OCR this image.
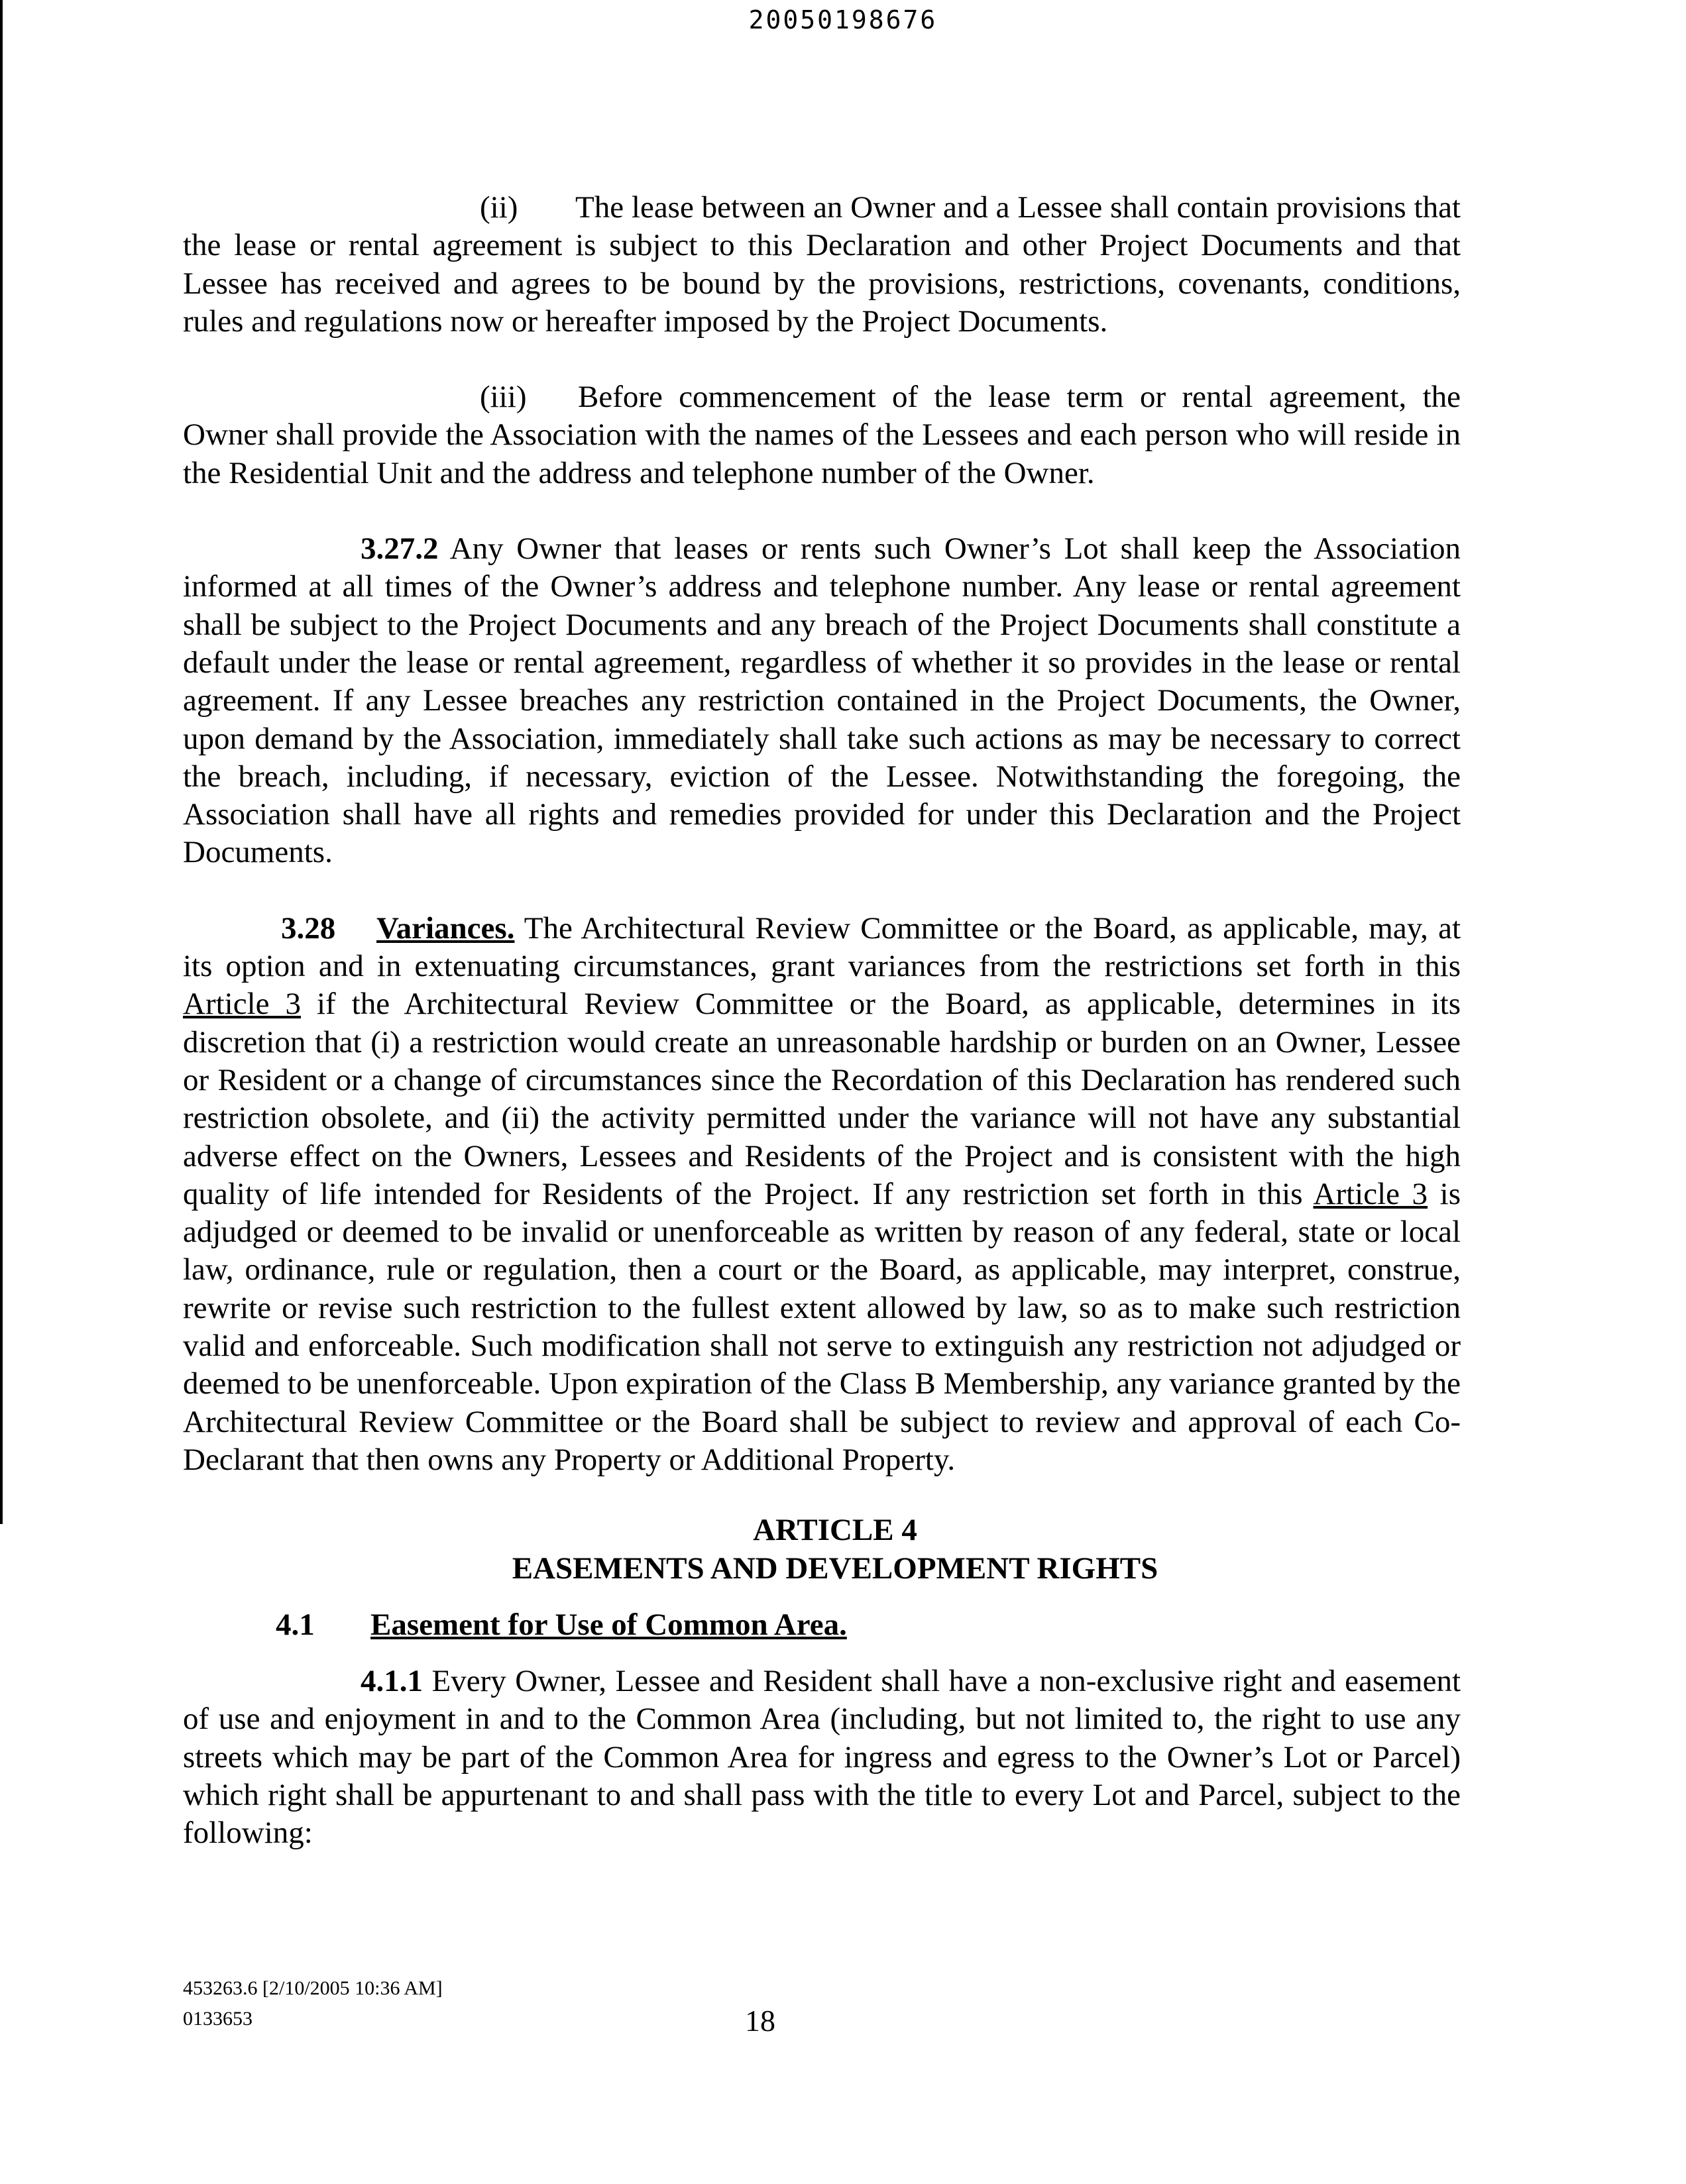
20050198676

(ii) The lease between an Owner and a Lessee shall contain provisions that the lease or rental agreement is subject to this Declaration and other Project Documents and that Lessee has received and agrees to be bound by the provisions, restrictions, covenants, conditions, rules and regulations now or hereafter imposed by the Project Documents.

(iii) Before commencement of the lease term or rental agreement, the Owner shall provide the Association with the names of the Lessees and each person who will reside in the Residential Unit and the address and telephone number of the Owner.

3.27.2 Any Owner that leases or rents such Owner’s Lot shall keep the Association informed at all times of the Owner’s address and telephone number. Any lease or rental agreement shall be subject to the Project Documents and any breach of the Project Documents shall constitute a default under the lease or rental agreement, regardless of whether it so provides in the lease or rental agreement. If any Lessee breaches any restriction contained in the Project Documents, the Owner, upon demand by the Association, immediately shall take such actions as may be necessary to correct the breach, including, if necessary, eviction of the Lessee. Notwithstanding the foregoing, the Association shall have all rights and remedies provided for under this Declaration and the Project Documents.

3.28 Variances. The Architectural Review Committee or the Board, as applicable, may, at its option and in extenuating circumstances, grant variances from the restrictions set forth in this Article 3 if the Architectural Review Committee or the Board, as applicable, determines in its discretion that (i) a restriction would create an unreasonable hardship or burden on an Owner, Lessee or Resident or a change of circumstances since the Recordation of this Declaration has rendered such restriction obsolete, and (ii) the activity permitted under the variance will not have any substantial adverse effect on the Owners, Lessees and Residents of the Project and is consistent with the high quality of life intended for Residents of the Project. If any restriction set forth in this Article 3 is adjudged or deemed to be invalid or unenforceable as written by reason of any federal, state or local law, ordinance, rule or regulation, then a court or the Board, as applicable, may interpret, construe, rewrite or revise such restriction to the fullest extent allowed by law, so as to make such restriction valid and enforceable. Such modification shall not serve to extinguish any restriction not adjudged or deemed to be unenforceable. Upon expiration of the Class B Membership, any variance granted by the Architectural Review Committee or the Board shall be subject to review and approval of each Co-Declarant that then owns any Property or Additional Property.

ARTICLE 4

EASEMENTS AND DEVELOPMENT RIGHTS

4.1 Easement for Use of Common Area.

4.1.1 Every Owner, Lessee and Resident shall have a non-exclusive right and easement of use and enjoyment in and to the Common Area (including, but not limited to, the right to use any streets which may be part of the Common Area for ingress and egress to the Owner’s Lot or Parcel) which right shall be appurtenant to and shall pass with the title to every Lot and Parcel, subject to the following:

453263.6 [2/10/2005 10:36 AM]
0133653	18
